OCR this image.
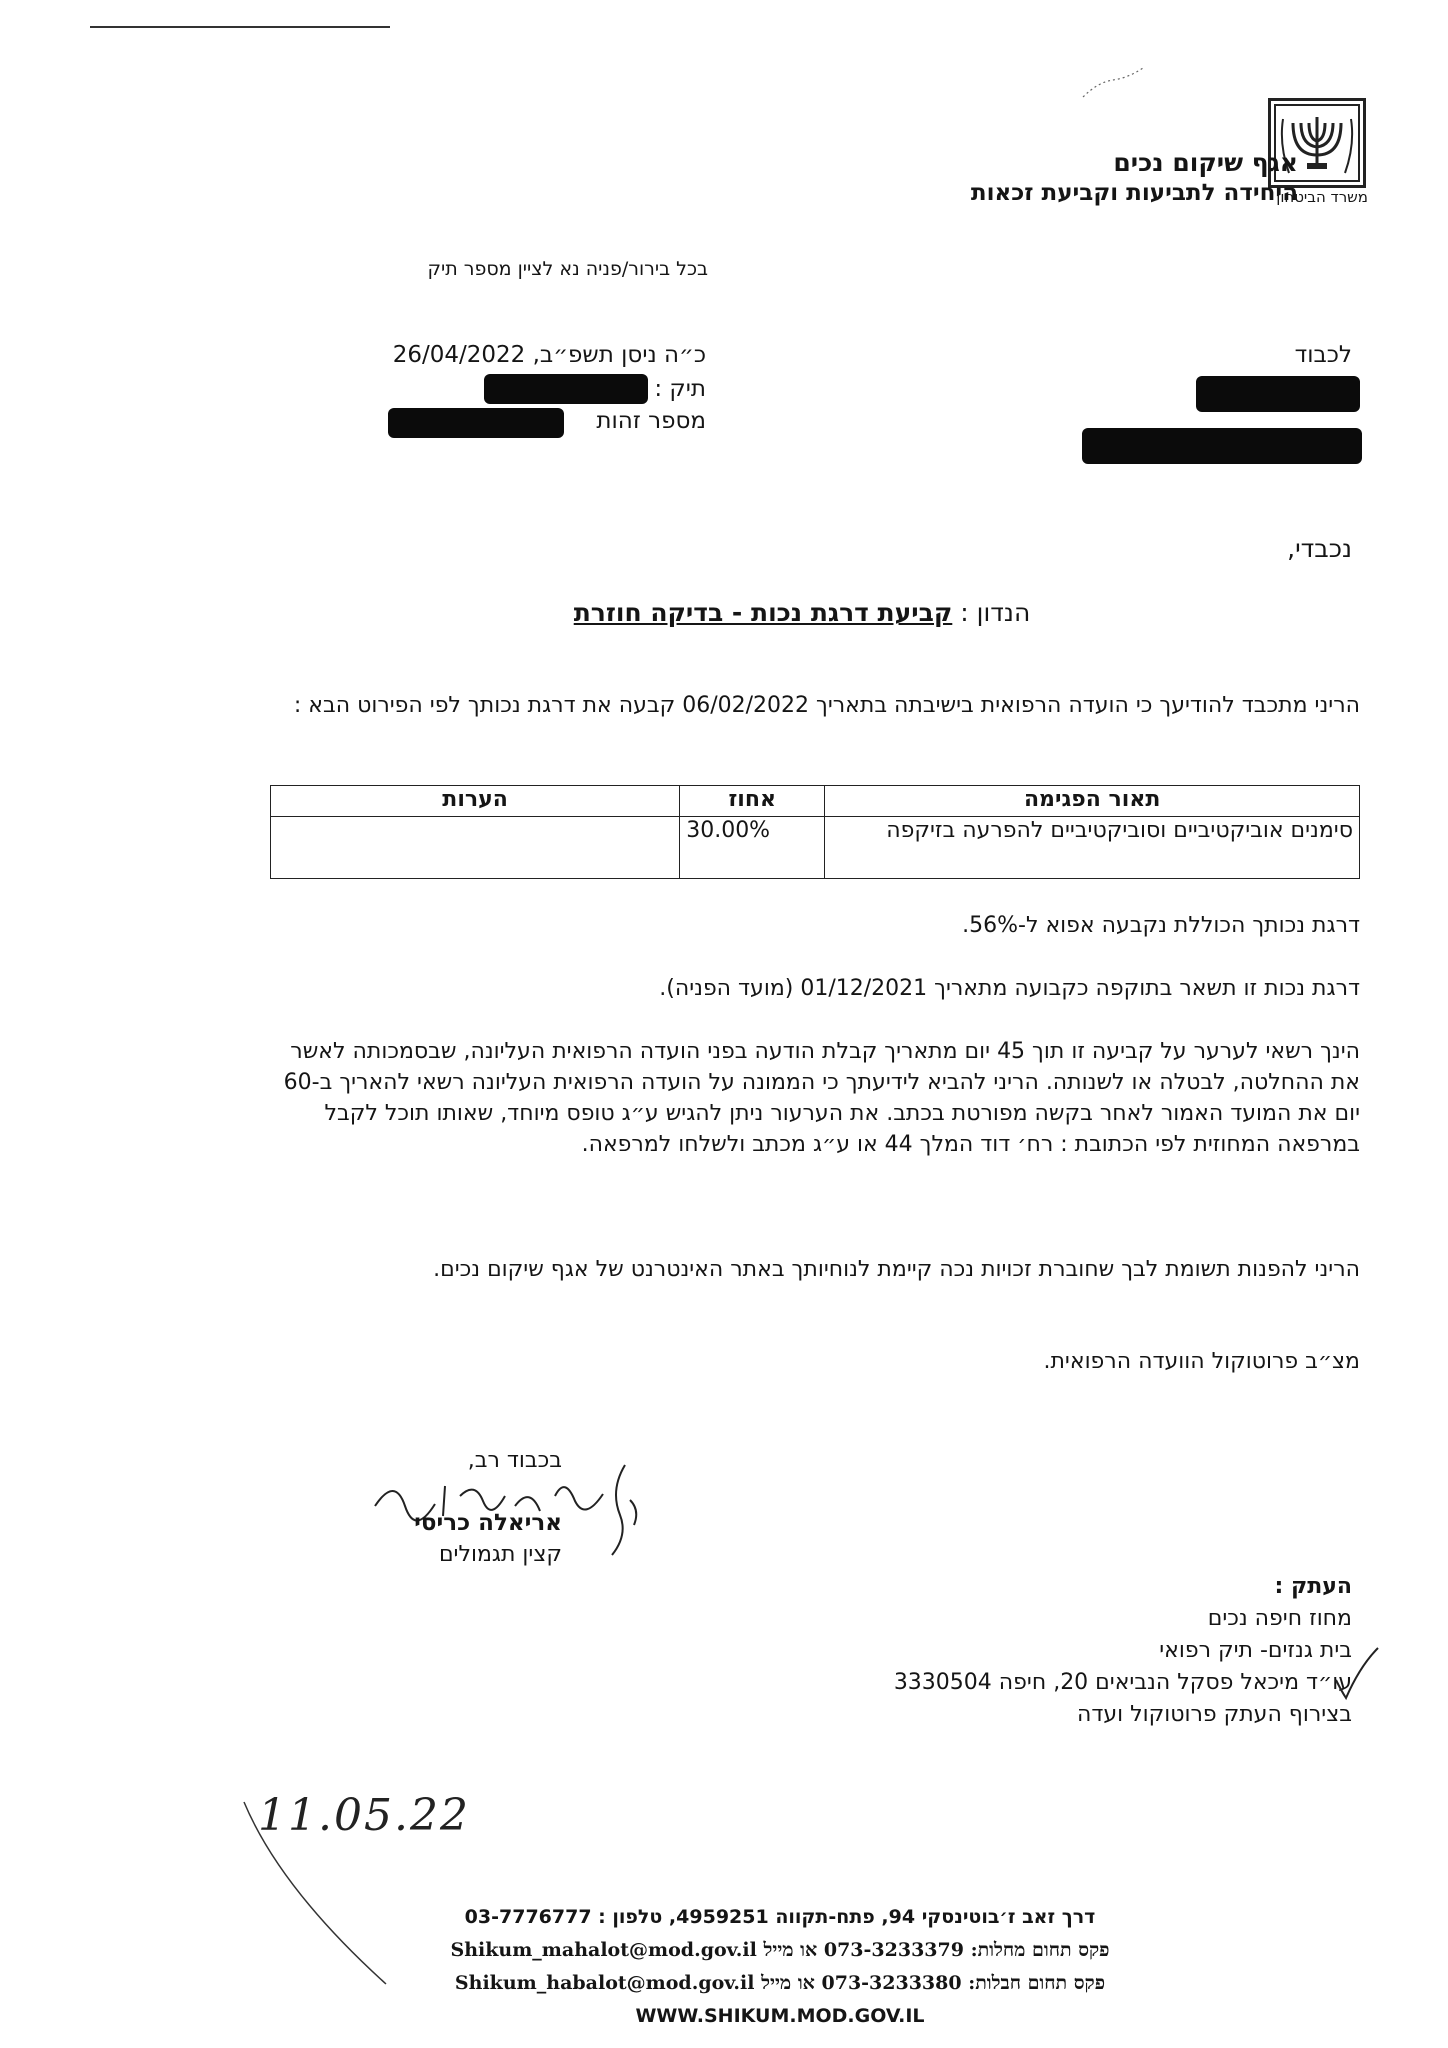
משרד הביטחון
אגף שיקום נכים
היחידה לתביעות וקביעת זכאות
בכל בירור/פניה נא לציין מספר תיק
לכבוד
כ״ה ניסן תשפ״ב, 26/04/2022
תיק :
מספר זהות
נכבדי,
הנדון :קביעת דרגת נכות - בדיקה חוזרת
הריני מתכבד להודיעך כי הועדה הרפואית בישיבתה בתאריך 06/02/2022 קבעה את דרגת נכותך לפי הפירוט הבא :
תאור הפגימה	אחוז	הערות
סימנים אוביקטיביים וסוביקטיביים להפרעה בזיקפה	30.00%	
דרגת נכותך הכוללת נקבעה אפוא ל-56%.
דרגת נכות זו תשאר בתוקפה כקבועה מתאריך 01/12/2021 (מועד הפניה).
הינך רשאי לערער על קביעה זו תוך 45 יום מתאריך קבלת הודעה בפני הועדה הרפואית העליונה, שבסמכותה לאשר את ההחלטה, לבטלה או לשנותה. הריני להביא לידיעתך כי הממונה על הועדה הרפואית העליונה רשאי להאריך ב-60 יום את המועד האמור לאחר בקשה מפורטת בכתב. את הערעור ניתן להגיש ע״ג טופס מיוחד, שאותו תוכל לקבל במרפאה המחוזית לפי הכתובת : רח׳ דוד המלך 44 או ע״ג מכתב ולשלחו למרפאה.
הריני להפנות תשומת לבך שחוברת זכויות נכה קיימת לנוחיותך באתר האינטרנט של אגף שיקום נכים.
מצ״ב פרוטוקול הוועדה הרפואית.
בכבוד רב,
אריאלה כריסי
קצין תגמולים
העתק :
מחוז חיפה נכים
בית גנזים- תיק רפואי
עו״ד מיכאל פסקל הנביאים 20, חיפה 3330504
בצירוף העתק פרוטוקול ועדה
11.05.22
דרך זאב ז׳בוטינסקי 94, פתח-תקווה 4959251, טלפון : 03-7776777
פקס תחום מחלות: 073-3233379 או מייל Shikum_mahalot@mod.gov.il
פקס תחום חבלות: 073-3233380 או מייל Shikum_habalot@mod.gov.il
WWW.SHIKUM.MOD.GOV.IL
